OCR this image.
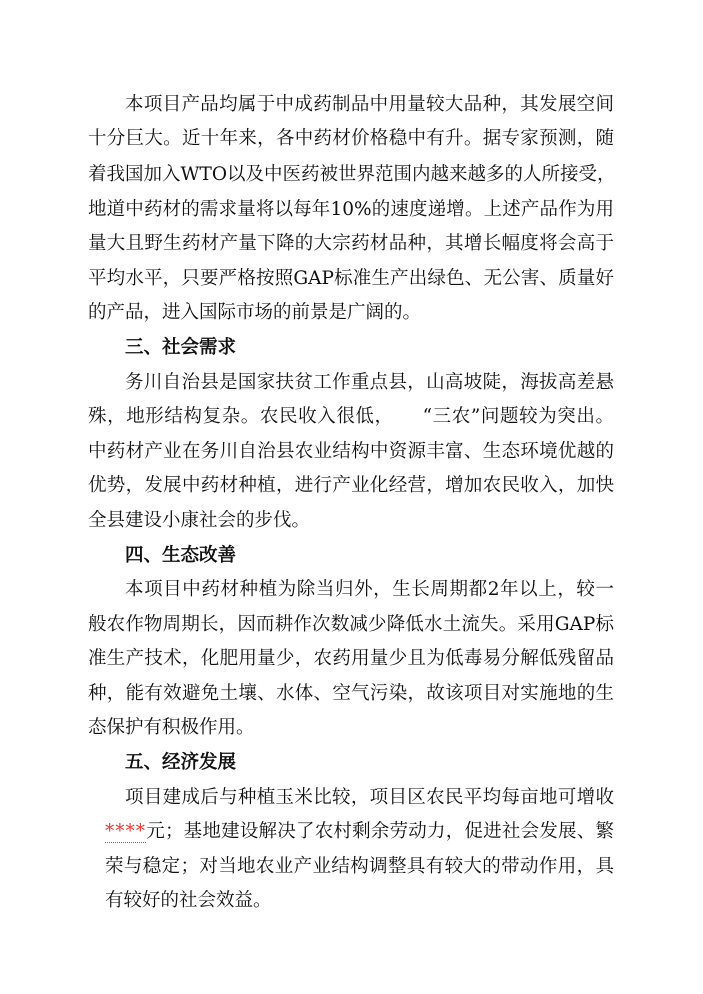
本项目产品均属于中成药制品中用量较大品种，其发展空间
十分巨大。近十年来，各中药材价格稳中有升。据专家预测，随
着我国加入WTO以及中医药被世界范围内越来越多的人所接受，
地道中药材的需求量将以每年10%的速度递增。上述产品作为用
量大且野生药材产量下降的大宗药材品种，其增长幅度将会高于
平均水平，只要严格按照GAP标准生产出绿色、无公害、质量好
的产品，进入国际市场的前景是广阔的。
三、社会需求
务川自治县是国家扶贫工作重点县，山高坡陡，海拔高差悬
殊，地形结构复杂。农民收入很低，　　“三农”问题较为突出。
中药材产业在务川自治县农业结构中资源丰富、生态环境优越的
优势，发展中药材种植，进行产业化经营，增加农民收入，加快
全县建设小康社会的步伐。
四、生态改善
本项目中药材种植为除当归外，生长周期都2年以上，较一
般农作物周期长，因而耕作次数减少降低水土流失。采用GAP标
准生产技术，化肥用量少，农药用量少且为低毒易分解低残留品
种，能有效避免土壤、水体、空气污染，故该项目对实施地的生
态保护有积极作用。
五、经济发展
项目建成后与种植玉米比较，项目区农民平均每亩地可增收
****元；基地建设解决了农村剩余劳动力，促进社会发展、繁
荣与稳定；对当地农业产业结构调整具有较大的带动作用，具
有较好的社会效益。
